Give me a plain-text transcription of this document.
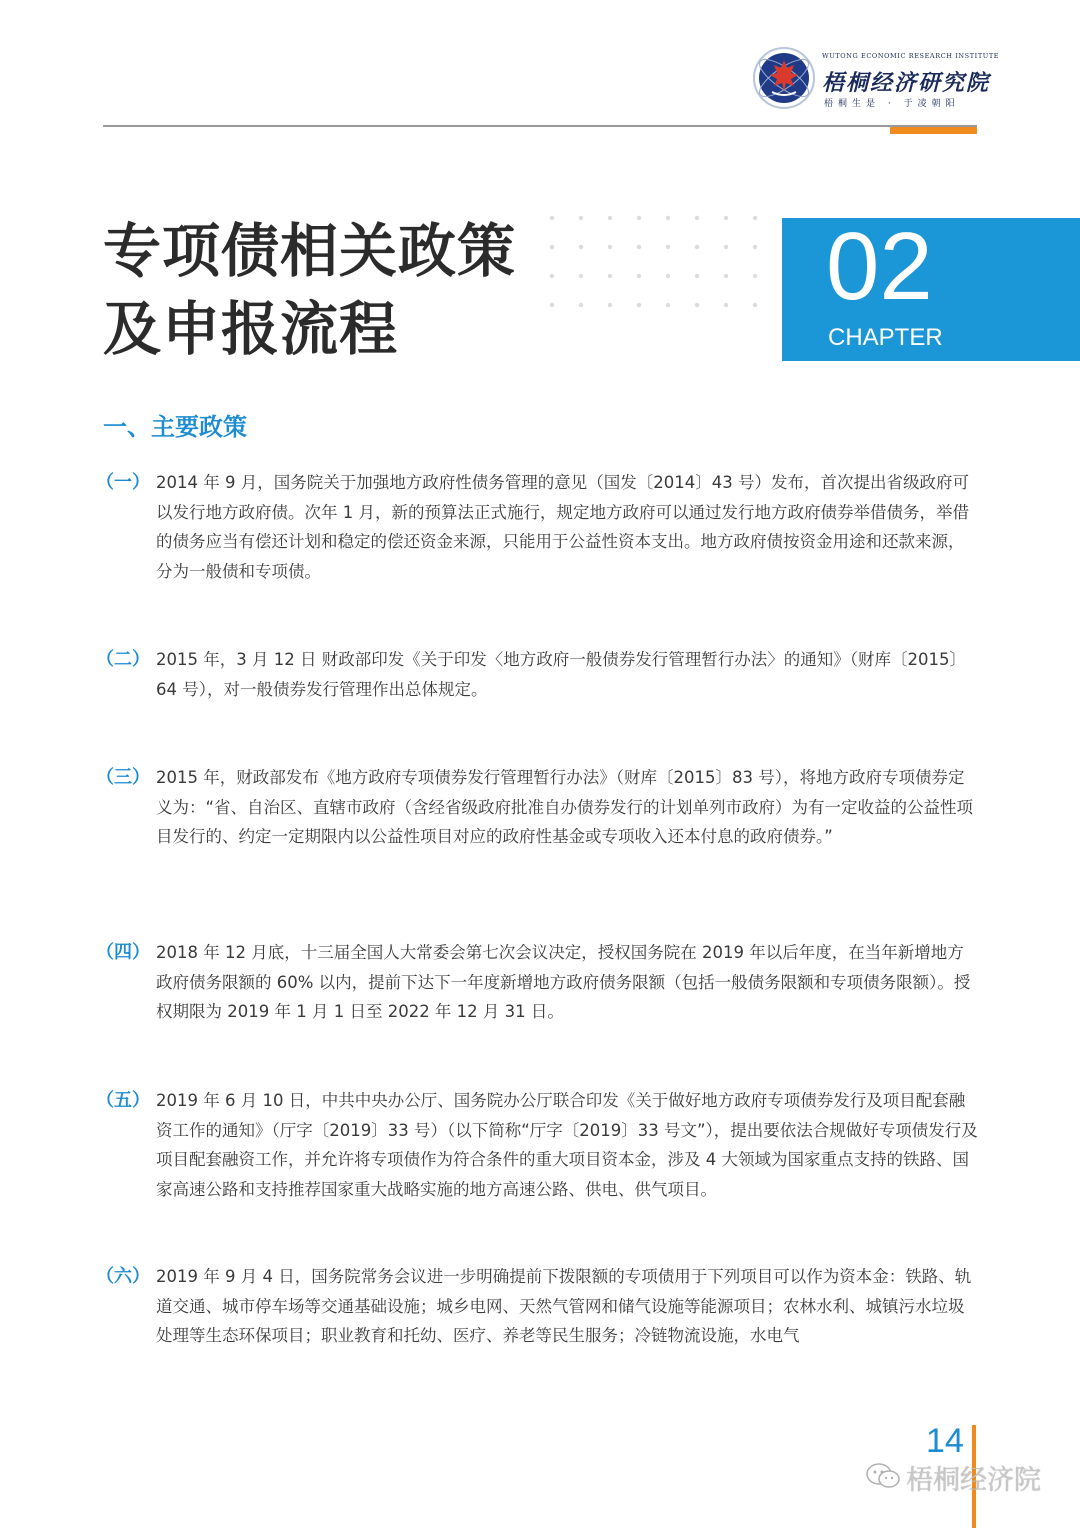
WUTONG ECONOMIC RESEARCH INSTITUTE
梧桐经济研究院
梧桐生是 · 于凌朝阳
专项债相关政策
及申报流程
02
CHAPTER
一、主要政策
（一） 2014 年 9 月，国务院关于加强地方政府性债务管理的意见（国发〔2014〕43 号）发布，首次提出省级政府可以发行地方政府债。次年 1 月，新的预算法正式施行，规定地方政府可以通过发行地方政府债券举借债务，举借的债务应当有偿还计划和稳定的偿还资金来源，只能用于公益性资本支出。地方政府债按资金用途和还款来源，分为一般债和专项债。

（二） 2015 年，3 月 12 日 财政部印发《关于印发〈地方政府一般债券发行管理暂行办法〉的通知》（财库〔2015〕64 号），对一般债券发行管理作出总体规定。

（三） 2015 年，财政部发布《地方政府专项债券发行管理暂行办法》（财库〔2015〕83 号），将地方政府专项债券定义为：“省、自治区、直辖市政府（含经省级政府批准自办债券发行的计划单列市政府）为有一定收益的公益性项目发行的、约定一定期限内以公益性项目对应的政府性基金或专项收入还本付息的政府债券。”

（四） 2018 年 12 月底，十三届全国人大常委会第七次会议决定，授权国务院在 2019 年以后年度，在当年新增地方政府债务限额的 60% 以内，提前下达下一年度新增地方政府债务限额（包括一般债务限额和专项债务限额）。授权期限为 2019 年 1 月 1 日至 2022 年 12 月 31 日。

（五） 2019 年 6 月 10 日，中共中央办公厅、国务院办公厅联合印发《关于做好地方政府专项债券发行及项目配套融资工作的通知》（厅字〔2019〕33 号）（以下简称“厅字〔2019〕33 号文”），提出要依法合规做好专项债发行及项目配套融资工作，并允许将专项债作为符合条件的重大项目资本金，涉及 4 大领域为国家重点支持的铁路、国家高速公路和支持推荐国家重大战略实施的地方高速公路、供电、供气项目。

（六） 2019 年 9 月 4 日，国务院常务会议进一步明确提前下拨限额的专项债用于下列项目可以作为资本金：铁路、轨道交通、城市停车场等交通基础设施；城乡电网、天然气管网和储气设施等能源项目；农林水利、城镇污水垃圾处理等生态环保项目；职业教育和托幼、医疗、养老等民生服务；冷链物流设施，水电气

14
梧桐经济院
